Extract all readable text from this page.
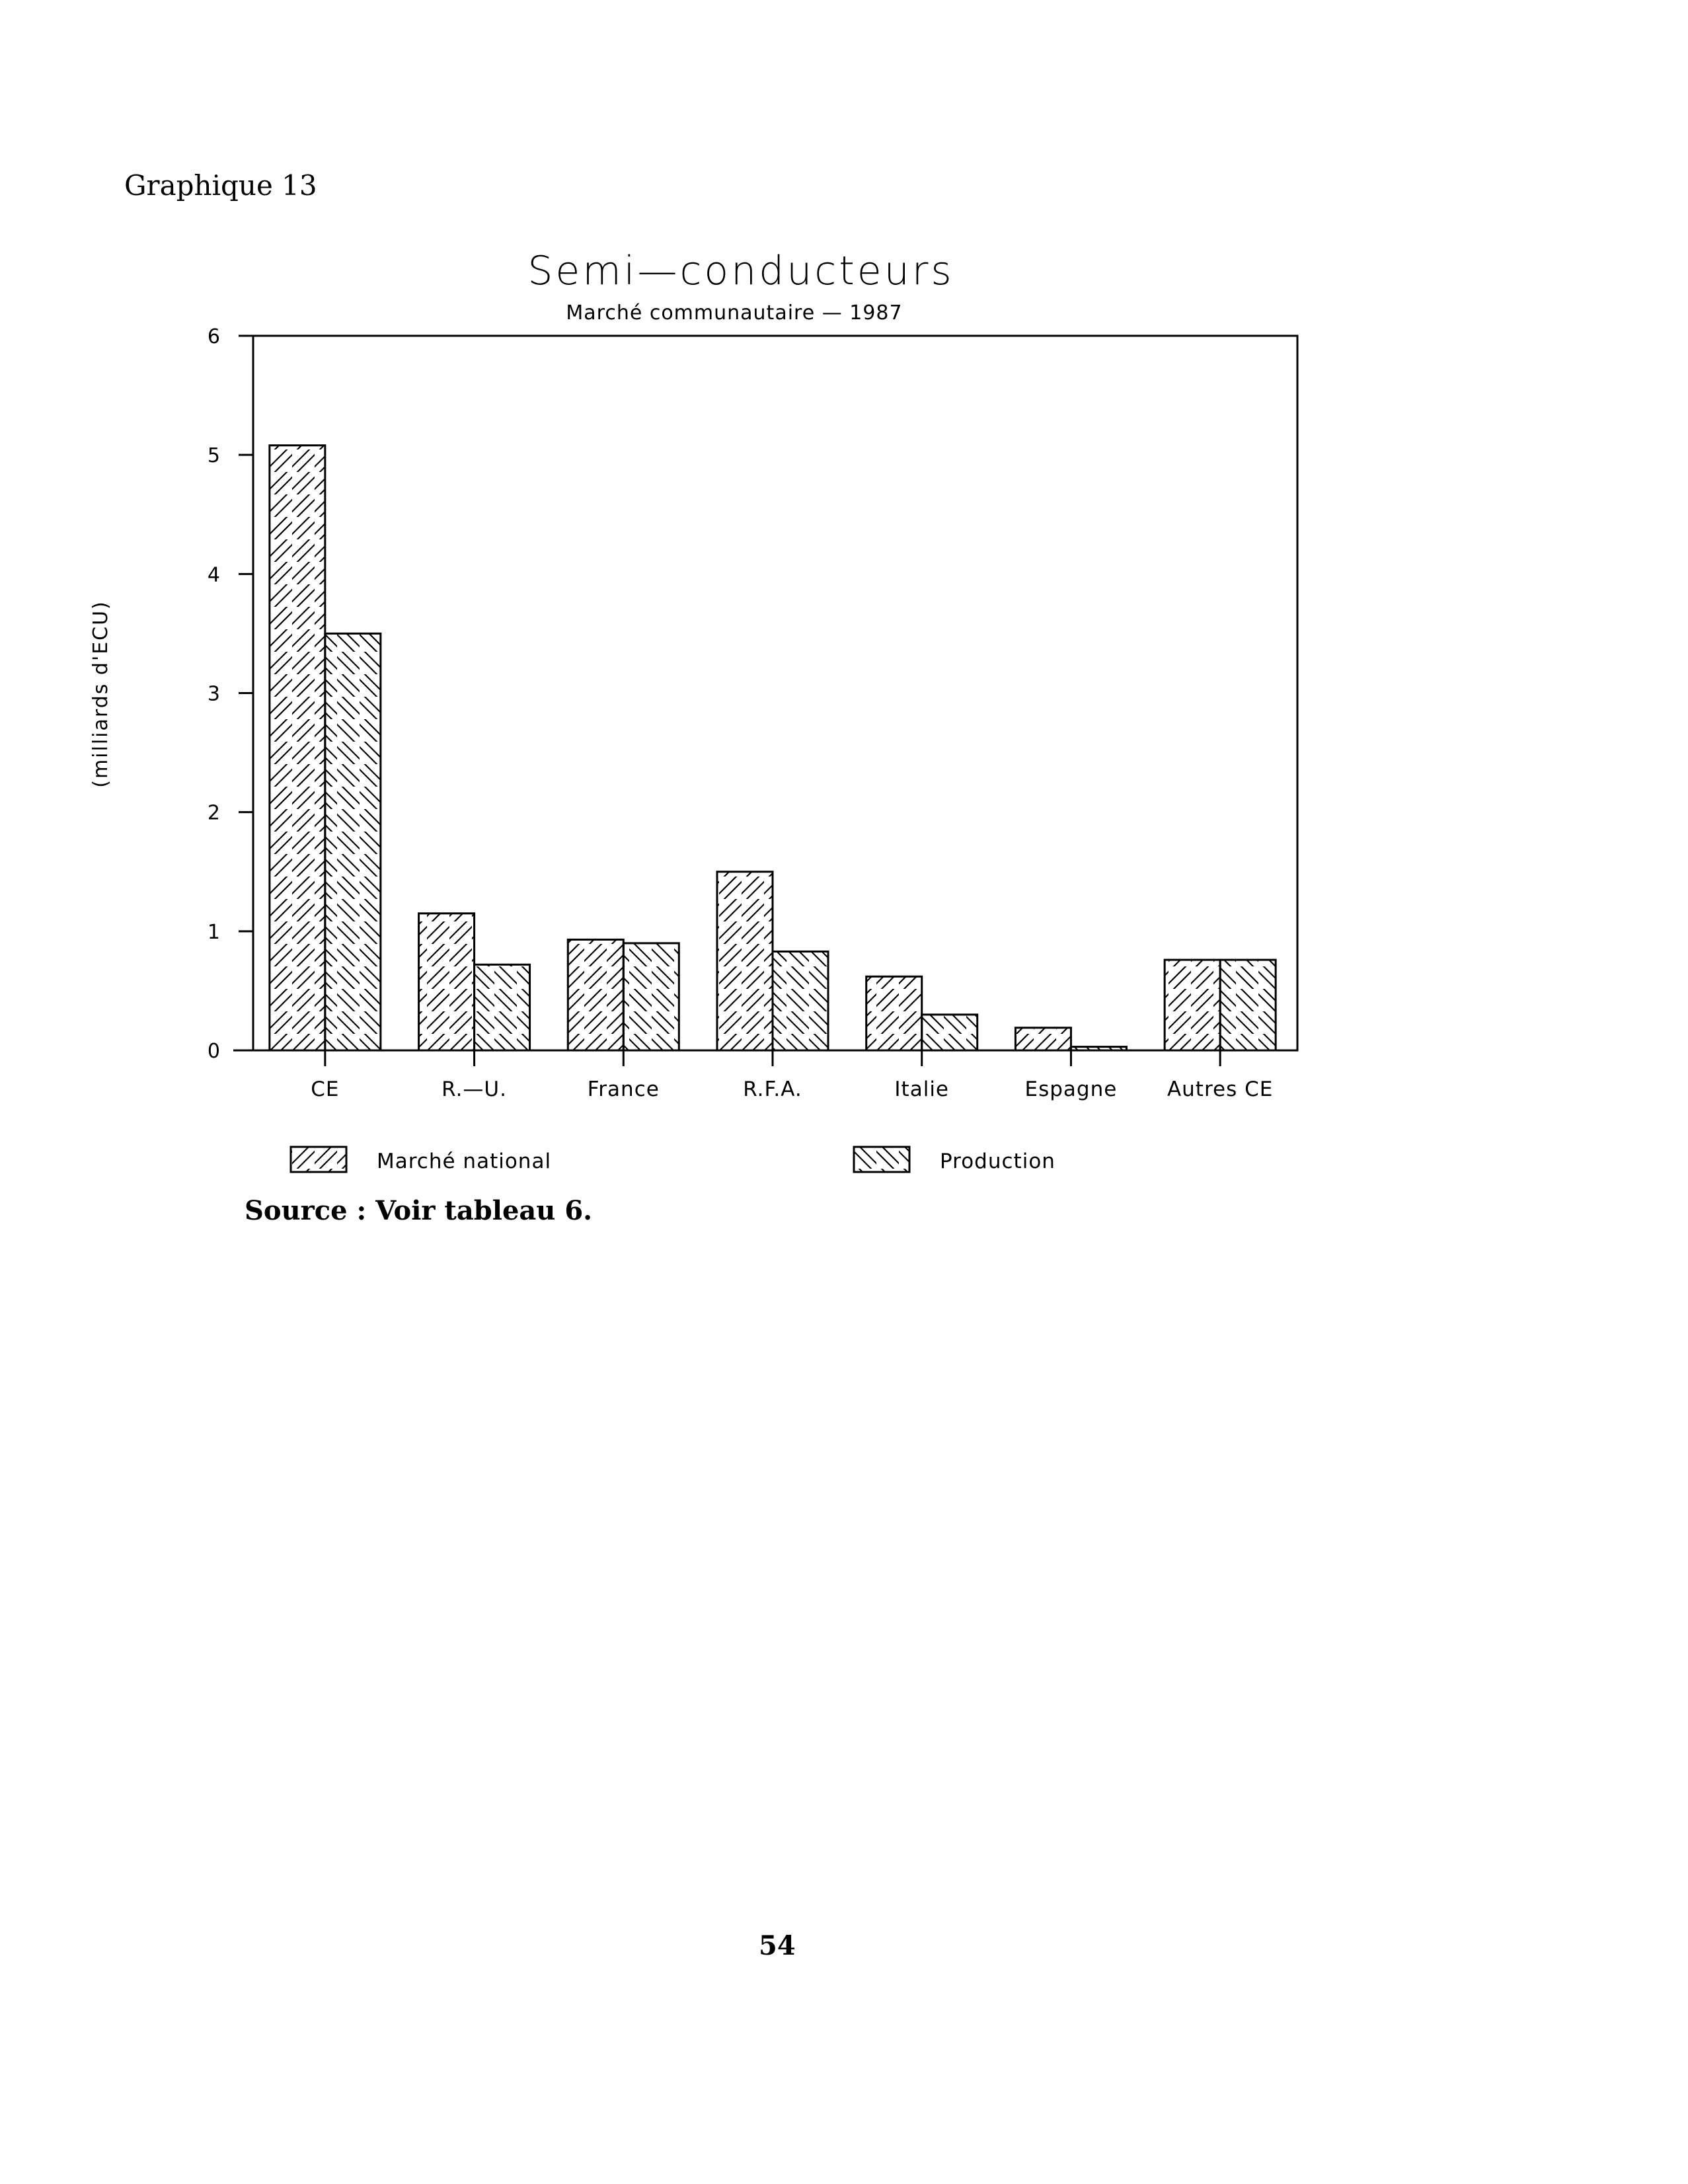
Graphique 13
Semi—conducteurs
Marché communautaire — 1987
0
1
2
3
4
5
6
CE	R.—U.	France	R.F.A.	Italie	Espagne Autres CE
(milliards d'ECU)
Marché national	Production

Source : Voir tableau 6.

54
